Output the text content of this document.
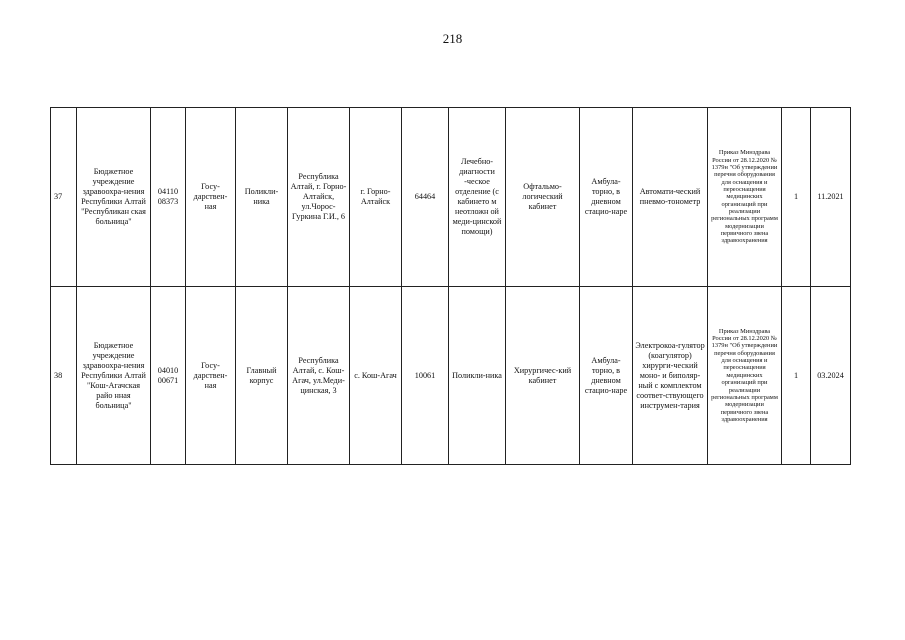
218
37	Бюджетное учреждение здравоохра-нения Республики Алтай "Республикан ская больница"	04110 08373	Госу-дарствен-ная	Поликли-ника	Республика Алтай, г. Горно-Алтайск, ул.Чорос-Гуркина Г.И., 6	г. Горно-Алтайск	64464	Лечебно-диагности -ческое отделение (с кабинето м неотложн ой меди-цинской помощи)	Офтальмо-логический кабинет	Амбула-торно, в дневном стацио-наре	Автомати-ческий пневмо-тонометр	Приказ Минздрава России от 28.12.2020 № 1379н "Об утверждении перечня оборудования для оснащения и переоснащения медицинских организаций при реализации региональных программ модернизации первичного звена здравоохранения	1	11.2021
38	Бюджетное учреждение здравоохра-нения Республики Алтай "Кош-Агачская райо нная больница"	04010 00671	Госу-дарствен-ная	Главный корпус	Республика Алтай, с. Кош-Агач, ул.Меди-цинская, 3	с. Кош-Агач	10061	Поликли-ника	Хирургичес-кий кабинет	Амбула-торно, в дневном стацио-наре	Электрокоа-гулятор (коагулятор) хирурги-ческий моно- и биполяр-ный с комплектом соответ-ствующего инструмен-тария	Приказ Минздрава России от 28.12.2020 № 1379н "Об утверждении перечня оборудования для оснащения и переоснащения медицинских организаций при реализации региональных программ модернизации первичного звена здравоохранения	1	03.2024
